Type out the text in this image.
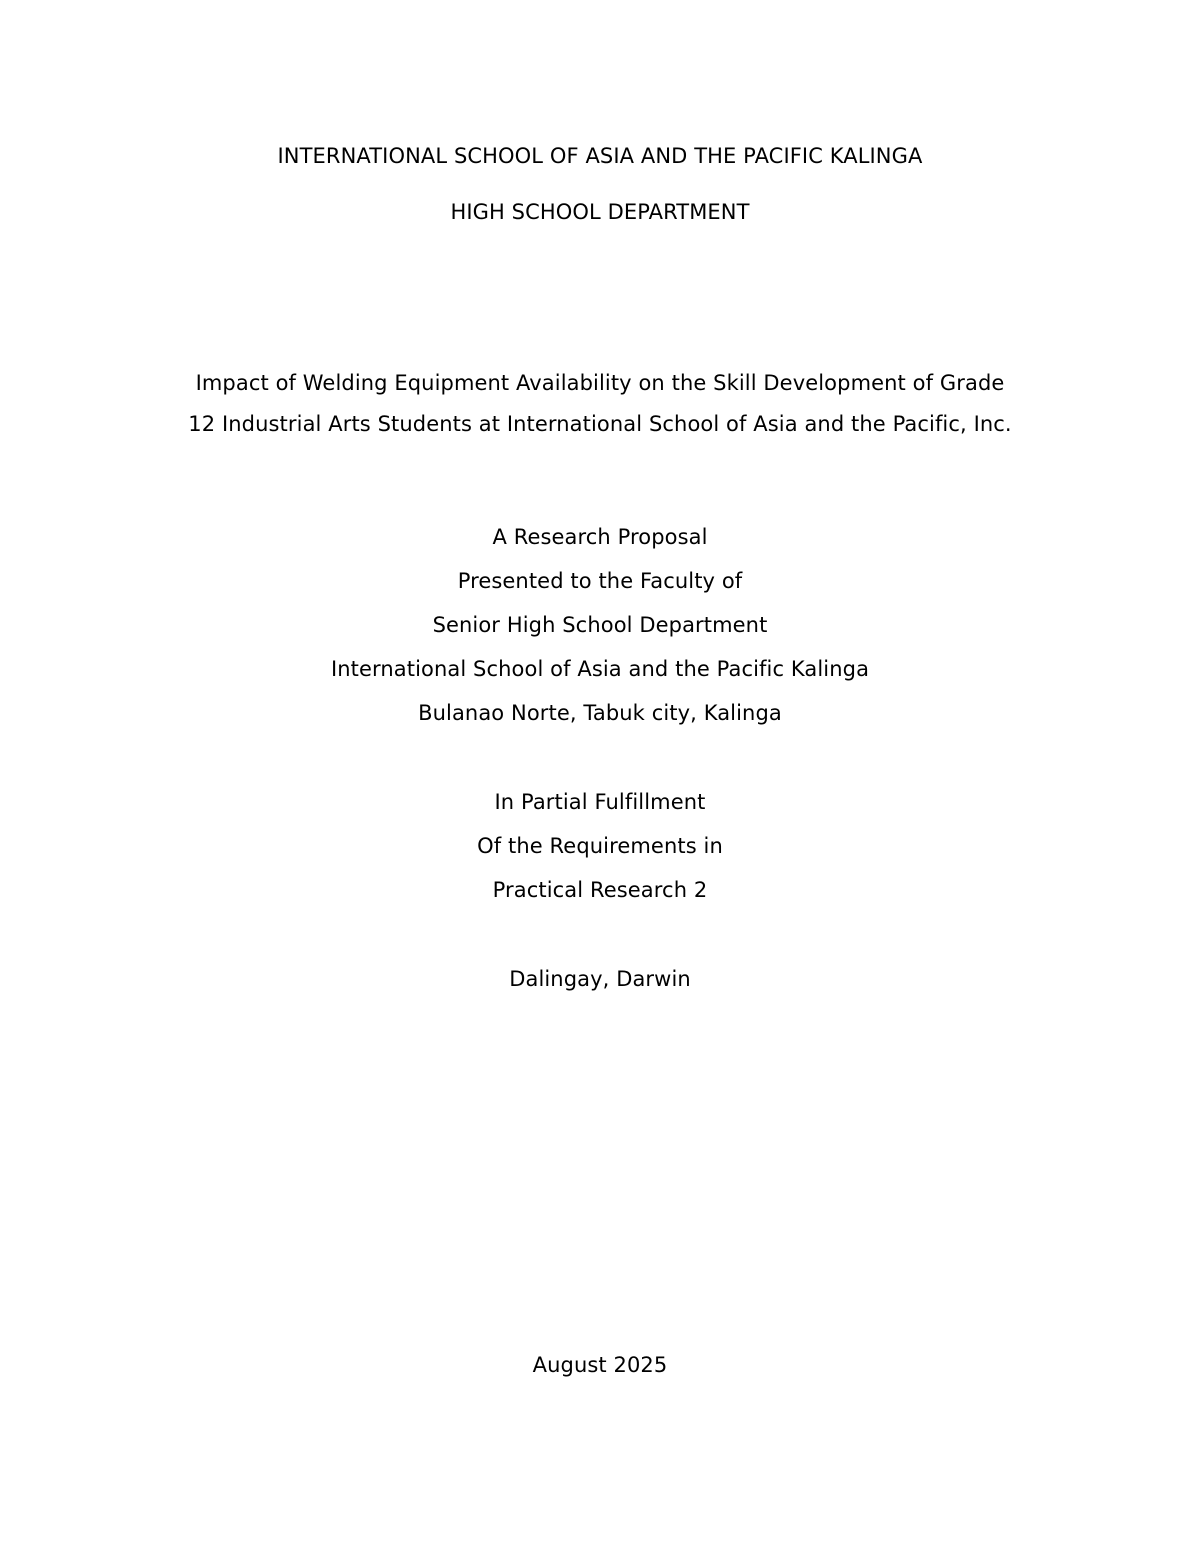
INTERNATIONAL SCHOOL OF ASIA AND THE PACIFIC KALINGA
HIGH SCHOOL DEPARTMENT
Impact of Welding Equipment Availability on the Skill Development of Grade
12 Industrial Arts Students at International School of Asia and the Pacific, Inc.
A Research Proposal
Presented to the Faculty of
Senior High School Department
International School of Asia and the Pacific Kalinga
Bulanao Norte, Tabuk city, Kalinga
In Partial Fulfillment
Of the Requirements in
Practical Research 2
Dalingay, Darwin
August 2025
